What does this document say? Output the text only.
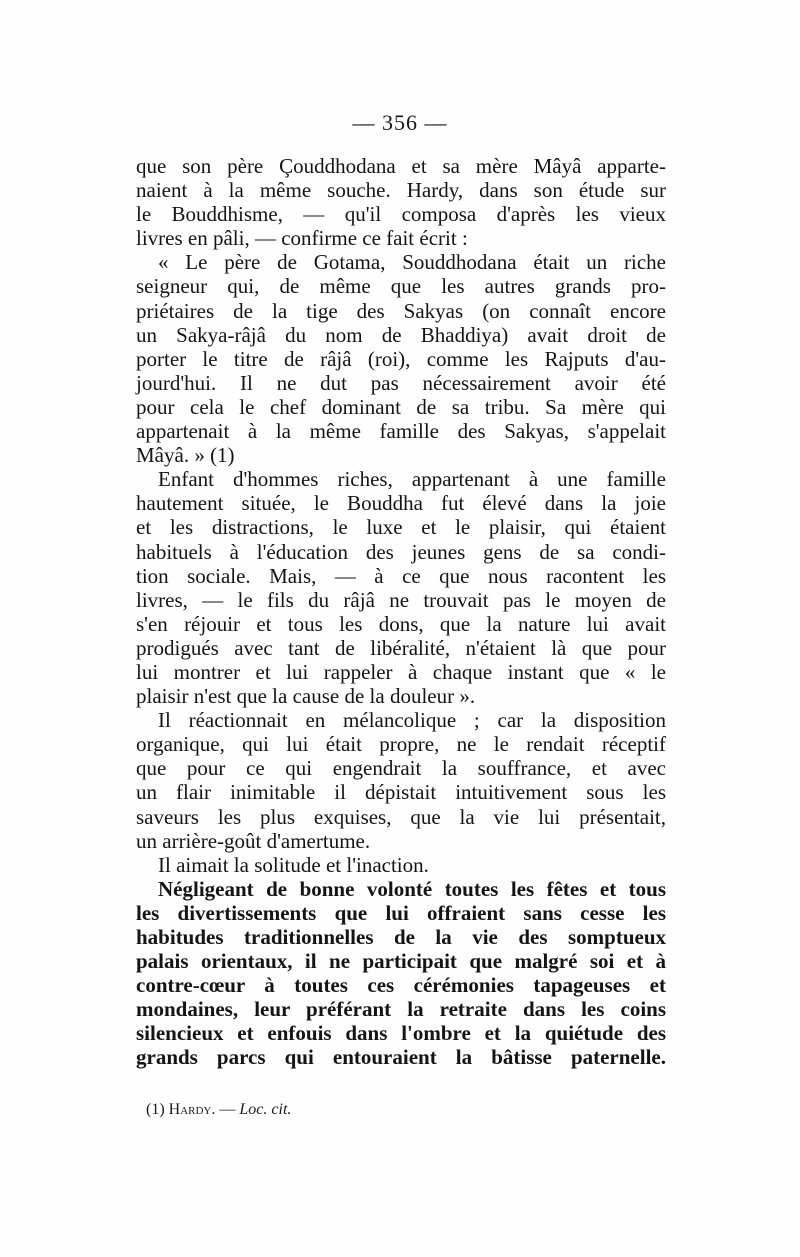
— 356 —
que son père Çouddhodana et sa mère Mâyâ apparte-
naient à la même souche. Hardy, dans son étude sur
le Bouddhisme, — qu'il composa d'après les vieux
livres en pâli, — confirme ce fait écrit :
« Le père de Gotama, Souddhodana était un riche
seigneur qui, de même que les autres grands pro-
priétaires de la tige des Sakyas (on connaît encore
un Sakya-râjâ du nom de Bhaddiya) avait droit de
porter le titre de râjâ (roi), comme les Rajputs d'au-
jourd'hui. Il ne dut pas nécessairement avoir été
pour cela le chef dominant de sa tribu. Sa mère qui
appartenait à la même famille des Sakyas, s'appelait
Mâyâ. » (1)
Enfant d'hommes riches, appartenant à une famille
hautement située, le Bouddha fut élevé dans la joie
et les distractions, le luxe et le plaisir, qui étaient
habituels à l'éducation des jeunes gens de sa condi-
tion sociale. Mais, — à ce que nous racontent les
livres, — le fils du râjâ ne trouvait pas le moyen de
s'en réjouir et tous les dons, que la nature lui avait
prodigués avec tant de libéralité, n'étaient là que pour
lui montrer et lui rappeler à chaque instant que « le
plaisir n'est que la cause de la douleur ».
Il réactionnait en mélancolique ; car la disposition
organique, qui lui était propre, ne le rendait réceptif
que pour ce qui engendrait la souffrance, et avec
un flair inimitable il dépistait intuitivement sous les
saveurs les plus exquises, que la vie lui présentait,
un arrière-goût d'amertume.
Il aimait la solitude et l'inaction.
Négligeant de bonne volonté toutes les fêtes et tous
les divertissements que lui offraient sans cesse les
habitudes traditionnelles de la vie des somptueux
palais orientaux, il ne participait que malgré soi et à
contre-cœur à toutes ces cérémonies tapageuses et
mondaines, leur préférant la retraite dans les coins
silencieux et enfouis dans l'ombre et la quiétude des
grands parcs qui entouraient la bâtisse paternelle.
(1) Hardy. — Loc. cit.
